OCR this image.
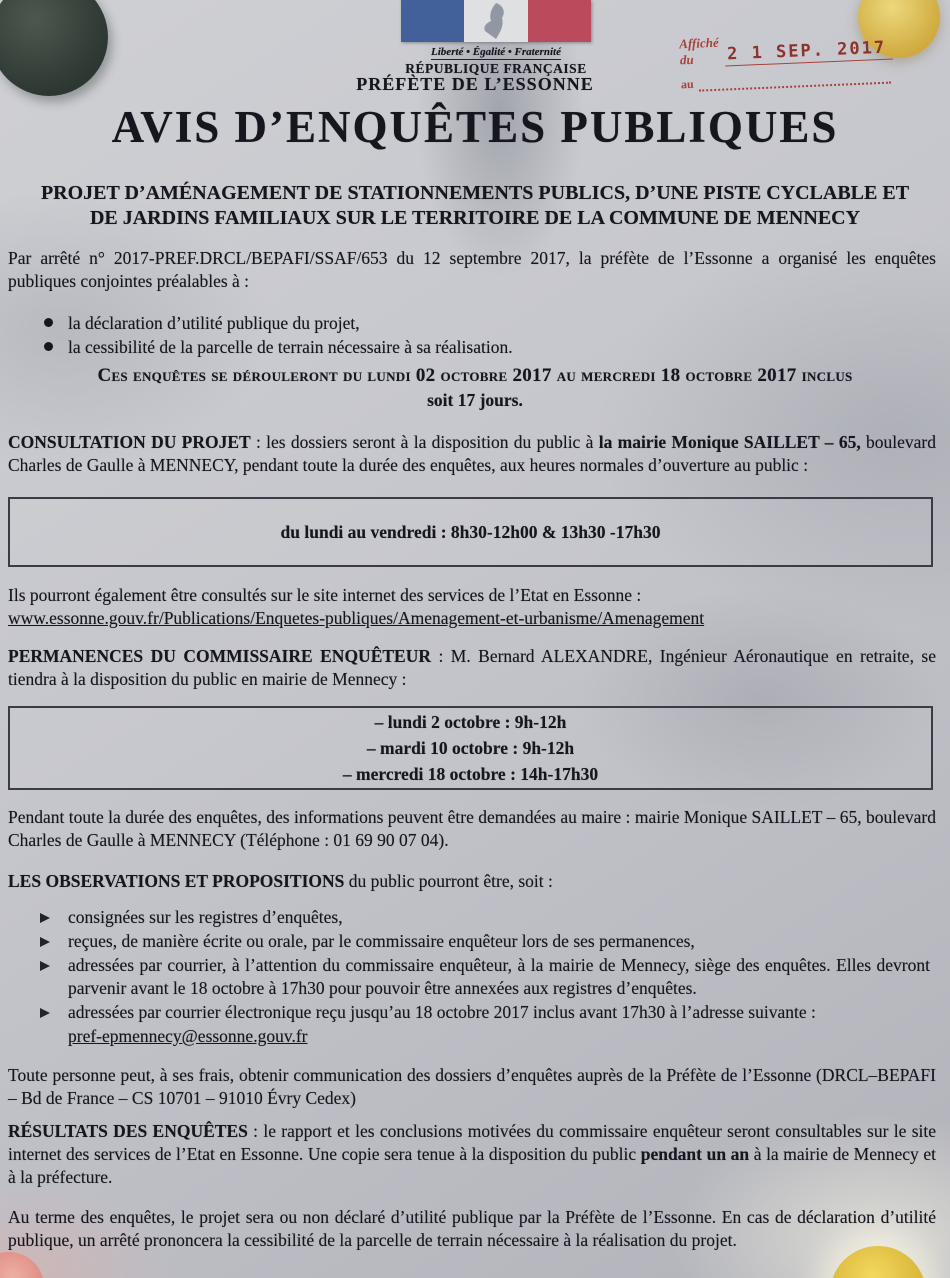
Liberté • Égalité • Fraternité
RÉPUBLIQUE FRANÇAISE
PRÉFÈTE DE L’ESSONNE
Affiché du	2 1 SEP. 2017
au
AVIS D’ENQUÊTES PUBLIQUES
PROJET D’AMÉNAGEMENT DE STATIONNEMENTS PUBLICS, D’UNE PISTE CYCLABLE ET DE JARDINS FAMILIAUX SUR LE TERRITOIRE DE LA COMMUNE DE MENNECY
Par arrêté n° 2017-PREF.DRCL/BEPAFI/SSAF/653 du 12 septembre 2017, la préfète de l’Essonne a organisé les enquêtes publiques conjointes préalables à :
la déclaration d’utilité publique du projet,
la cessibilité de la parcelle de terrain nécessaire à sa réalisation.
Ces enquêtes se dérouleront du lundi 02 octobre 2017 au mercredi 18 octobre 2017 inclus
soit 17 jours.
CONSULTATION DU PROJET : les dossiers seront à la disposition du public à la mairie Monique SAILLET – 65, boulevard Charles de Gaulle à MENNECY, pendant toute la durée des enquêtes, aux heures normales d’ouverture au public :
du lundi au vendredi : 8h30-12h00 & 13h30 -17h30
Ils pourront également être consultés sur le site internet des services de l’Etat en Essonne :
www.essonne.gouv.fr/Publications/Enquetes-publiques/Amenagement-et-urbanisme/Amenagement
PERMANENCES DU COMMISSAIRE ENQUÊTEUR : M. Bernard ALEXANDRE, Ingénieur Aéronautique en retraite, se tiendra à la disposition du public en mairie de Mennecy :
– lundi 2 octobre : 9h-12h
– mardi 10 octobre : 9h-12h
– mercredi 18 octobre : 14h-17h30
Pendant toute la durée des enquêtes, des informations peuvent être demandées au maire : mairie Monique SAILLET – 65, boulevard Charles de Gaulle à MENNECY (Téléphone : 01 69 90 07 04).
LES OBSERVATIONS ET PROPOSITIONS du public pourront être, soit :
consignées sur les registres d’enquêtes,
reçues, de manière écrite ou orale, par le commissaire enquêteur lors de ses permanences,
adressées par courrier, à l’attention du commissaire enquêteur, à la mairie de Mennecy, siège des enquêtes. Elles devront parvenir avant le 18 octobre à 17h30 pour pouvoir être annexées aux registres d’enquêtes.
adressées par courrier électronique reçu jusqu’au 18 octobre 2017 inclus avant 17h30 à l’adresse suivante :
pref-epmennecy@essonne.gouv.fr
Toute personne peut, à ses frais, obtenir communication des dossiers d’enquêtes auprès de la Préfète de l’Essonne (DRCL–BEPAFI – Bd de France – CS 10701 – 91010 Évry Cedex)
RÉSULTATS DES ENQUÊTES : le rapport et les conclusions motivées du commissaire enquêteur seront consultables sur le site internet des services de l’Etat en Essonne. Une copie sera tenue à la disposition du public pendant un an à la mairie de Mennecy et à la préfecture.
Au terme des enquêtes, le projet sera ou non déclaré d’utilité publique par la Préfète de l’Essonne. En cas de déclaration d’utilité publique, un arrêté prononcera la cessibilité de la parcelle de terrain nécessaire à la réalisation du projet.
